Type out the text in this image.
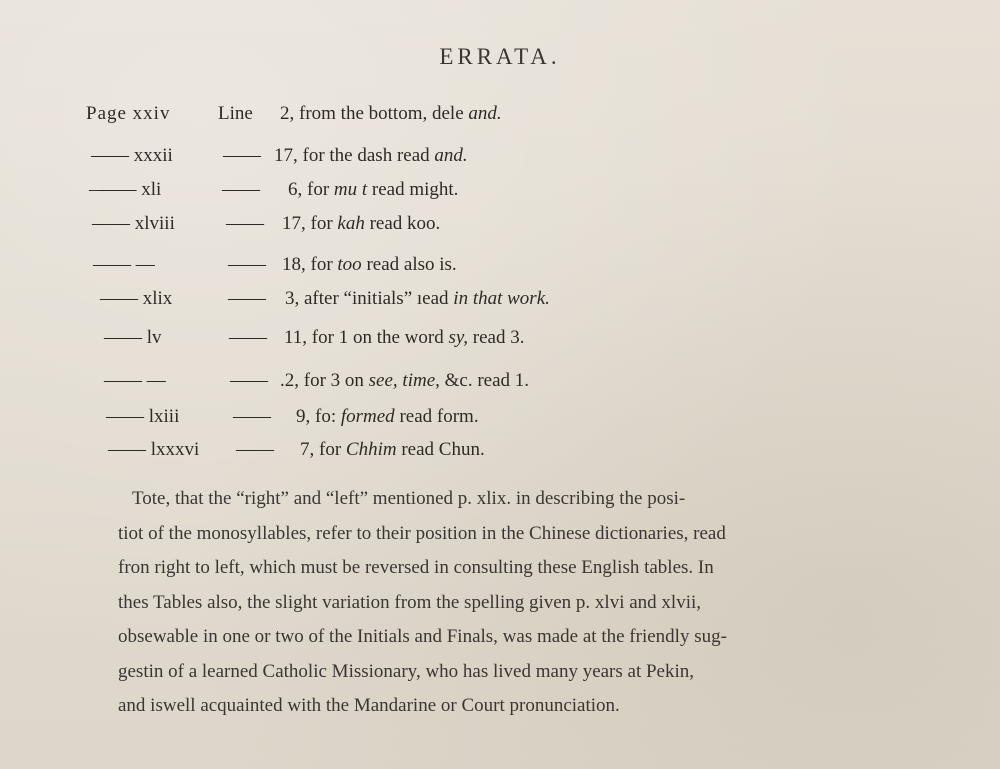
ERRATA.
Page xxiv	Line 2, from the bottom, dele and.
—— xxxii	—— 17, for the dash read and.
–—— xli	—— 6, for mu t read might.
—— xlviii	—— 17, for kah read koo.
—— —	—— 18, for too read also is.
—— xlix	—— 3, after “initials” ıead in that work.
—— lv	—— 11, for 1 on the word sy, read 3.
—— —	—— .2, for 3 on see, time, &c. read 1.
—— lxiii	—— 9, fo: formed read form.
—— lxxxvi —— 7, for Chhim read Chun.
Tote, that the “right” and “left” mentioned p. xlix. in describing the posi-
tiot of the monosyllables, refer to their position in the Chinese dictionaries, read
fron right to left, which must be reversed in consulting these English tables. In
thes Tables also, the slight variation from the spelling given p. xlvi and xlvii,
obsewable in one or two of the Initials and Finals, was made at the friendly sug-
gestin of a learned Catholic Missionary, who has lived many years at Pekin,
and iswell acquainted with the Mandarine or Court pronunciation.
